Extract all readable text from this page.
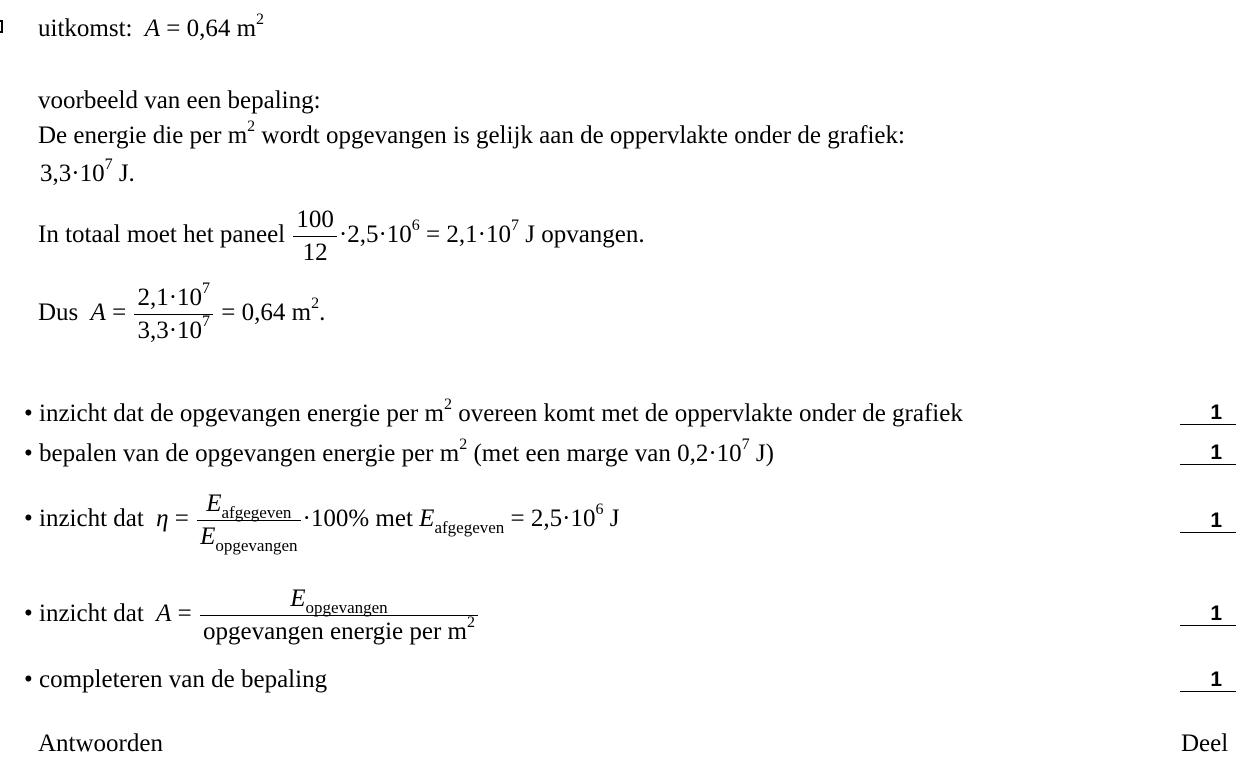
uitkomst: A = 0,64 $m^2$
voorbeeld van een bepaling:
De energie die per $m^2$ wordt opgevangen is gelijk aan de oppervlakte onder de grafiek:
$3,3\cdot 10^7$ J.
In totaal moet het paneel $\frac{100}{12} \cdot 2,5\cdot 10^6 = 2,1\cdot 10^7$ J opvangen.
Dus $A = \frac{2,1\cdot 10^7}{3,3\cdot 10^7} = 0,64$ $m^2$.
• inzicht dat de opgevangen energie per $m^2$ overeen komt met de oppervlakte onder de grafiek	1
• bepalen van de opgevangen energie per $m^2$ (met een marge van $0,2\cdot 10^7$ J)	1
• inzicht dat $\eta = \frac{E_{afgegeven}}{E_{opgevangen}} \cdot 100\%$ met $E_{afgegeven} = 2,5\cdot 10^6$ J	1
• inzicht dat $A = \frac{E_{opgevangen}}{opgevangen energie per m^2}$	1
• completeren van de bepaling	1
Antwoorden	Deel
